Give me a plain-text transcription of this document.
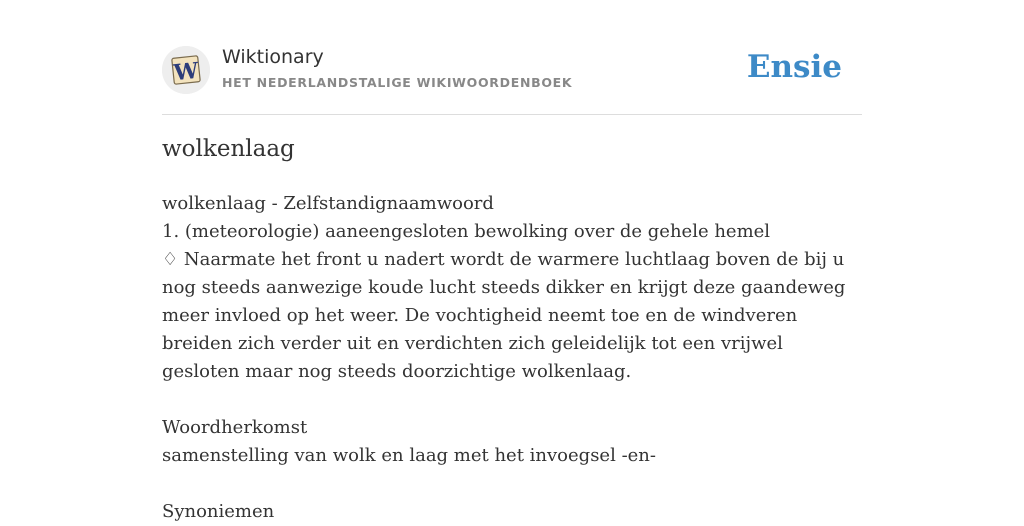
W
Wiktionary
HET NEDERLANDSTALIGE WIKIWOORDENBOEK	Ensie
wolkenlaag

wolkenlaag - Zelfstandignaamwoord

1. (meteorologie) aaneengesloten bewolking over de gehele hemel

♢ Naarmate het front u nadert wordt de warmere luchtlaag boven de bij u nog steeds aanwezige koude lucht steeds dikker en krijgt deze gaandeweg meer invloed op het weer. De vochtigheid neemt toe en de windveren breiden zich verder uit en verdichten zich geleidelijk tot een vrijwel gesloten maar nog steeds doorzichtige wolkenlaag.

Woordherkomst

samenstelling van wolk en laag met het invoegsel -en-

Synoniemen
